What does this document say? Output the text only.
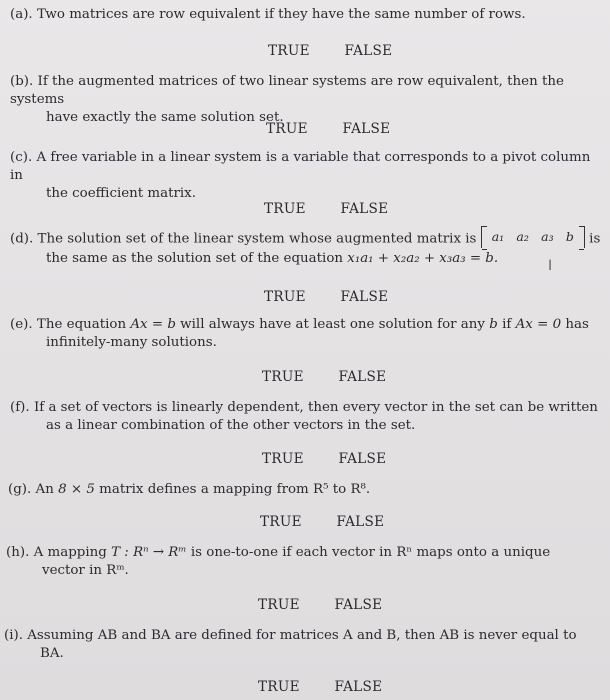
(a). Two matrices are row equivalent if they have the same number of rows.
TRUE	FALSE
(b). If the augmented matrices of two linear systems are row equivalent, then the systems
have exactly the same solution set.
TRUE	FALSE
(c). A free variable in a linear system is a variable that corresponds to a pivot column in
the coefficient matrix.
TRUE	FALSE
(d). The solution set of the linear system whose augmented matrix is a₁ a₂ a₃ b is
the same as the solution set of the equation x₁a₁ + x₂a₂ + x₃a₃ = b.	I
TRUE	FALSE
(e). The equation Ax = b will always have at least one solution for any b if Ax = 0 has
infinitely-many solutions.
TRUE	FALSE
(f). If a set of vectors is linearly dependent, then every vector in the set can be written
as a linear combination of the other vectors in the set.
TRUE	FALSE
(g). An 8 × 5 matrix defines a mapping from R⁵ to R⁸.
TRUE	FALSE
(h). A mapping T : Rⁿ → Rᵐ is one-to-one if each vector in Rⁿ maps onto a unique
vector in Rᵐ.
TRUE	FALSE
(i). Assuming AB and BA are defined for matrices A and B, then AB is never equal to
BA.
TRUE	FALSE
